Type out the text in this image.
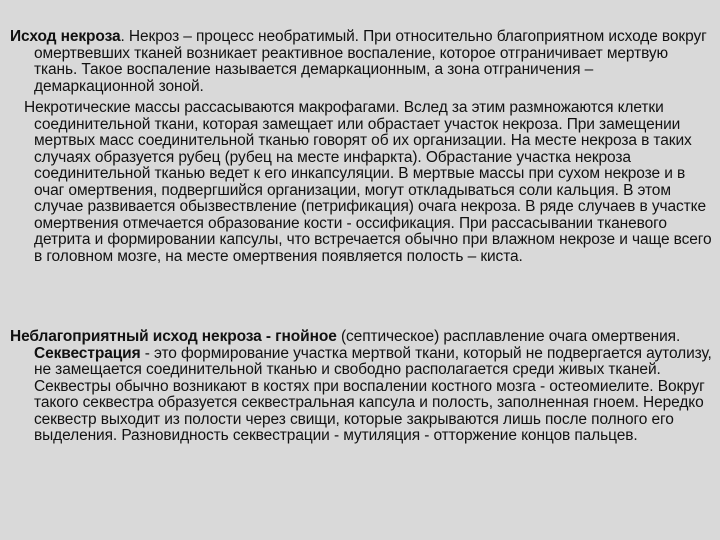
Исход некроза. Некроз – процесс необратимый. При относительно благоприятном исходе вокруг омертвевших тканей возникает реактивное воспаление, которое отграничивает мертвую ткань. Такое воспаление называется демаркационным, а зона отграничения – демаркационной зоной.
Некротические массы рассасываются макрофагами. Вслед за этим размножаются клетки соединительной ткани, которая замещает или обрастает участок некроза. При замещении мертвых масс соединительной тканью говорят об их организации. На месте некроза в таких случаях образуется рубец (рубец на месте инфаркта). Обрастание участка некроза соединительной тканью ведет к его инкапсуляции. В мертвые массы при сухом некрозе и в очаг омертвения, подвергшийся организации, могут откладываться соли кальция. В этом случае развивается обызвествление (петрификация) очага некроза. В ряде случаев в участке омертвения отмечается образование кости - оссификация. При рассасывании тканевого детрита и формировании капсулы, что встречается обычно при влажном некрозе и чаще всего в головном мозге, на месте омертвения появляется полость – киста.
Неблагоприятный исход некроза - гнойное (септическое) расплавление очага омертвения. Секвестрация - это формирование участка мертвой ткани, который не подвергается аутолизу, не замещается соединительной тканью и свободно располагается среди живых тканей. Секвестры обычно возникают в костях при воспалении костного мозга - остеомиелите. Вокруг такого секвестра образуется секвестральная капсула и полость, заполненная гноем. Нередко секвестр выходит из полости через свищи, которые закрываются лишь после полного его выделения. Разновидность секвестрации - мутиляция - отторжение концов пальцев.
